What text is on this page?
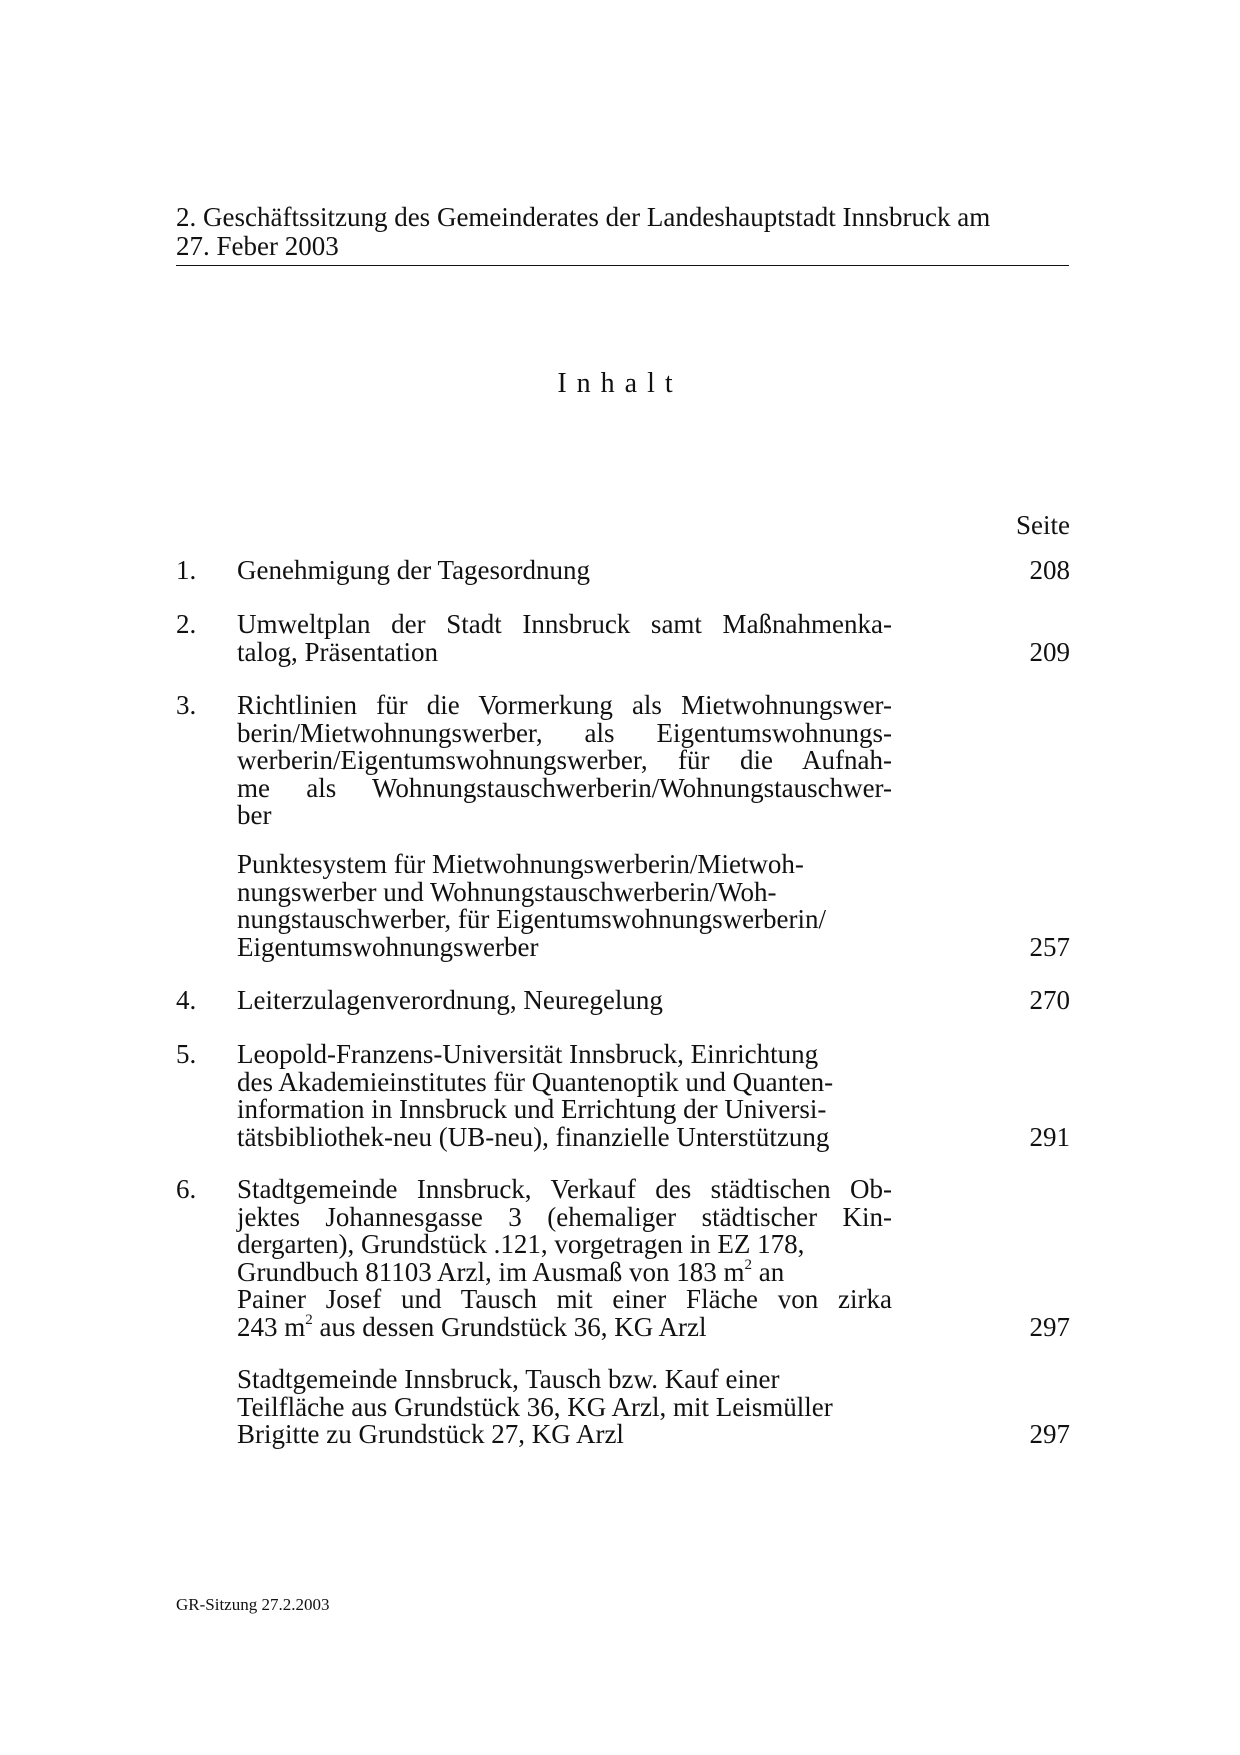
2. Geschäftssitzung des Gemeinderates der Landeshauptstadt Innsbruck am
27. Feber 2003
Inhalt
Seite
1. Genehmigung der Tagesordnung	208
2. Umweltplan der Stadt Innsbruck samt Maßnahmenka-
talog, Präsentation	209
3. Richtlinien für die Vormerkung als Mietwohnungswer-
berin/Mietwohnungswerber, als Eigentumswohnungs-
werberin/Eigentumswohnungswerber, für die Aufnah-
me als Wohnungstauschwerberin/Wohnungstauschwer-
ber
Punktesystem für Mietwohnungswerberin/Mietwoh-
nungswerber und Wohnungstauschwerberin/Woh-
nungstauschwerber, für Eigentumswohnungswerberin/
Eigentumswohnungswerber	257
4. Leiterzulagenverordnung, Neuregelung	270
5. Leopold-Franzens-Universität Innsbruck, Einrichtung
des Akademieinstitutes für Quantenoptik und Quanten-
information in Innsbruck und Errichtung der Universi-
tätsbibliothek-neu (UB-neu), finanzielle Unterstützung	291
6. Stadtgemeinde Innsbruck, Verkauf des städtischen Ob-
jektes Johannesgasse 3 (ehemaliger städtischer Kin-
dergarten), Grundstück .121, vorgetragen in EZ 178,
Grundbuch 81103 Arzl, im Ausmaß von 183 $m^2$ an
Painer Josef und Tausch mit einer Fläche von zirka
243 $m^2$ aus dessen Grundstück 36, KG Arzl	297
Stadtgemeinde Innsbruck, Tausch bzw. Kauf einer
Teilfläche aus Grundstück 36, KG Arzl, mit Leismüller
Brigitte zu Grundstück 27, KG Arzl	297
GR-Sitzung 27.2.2003
